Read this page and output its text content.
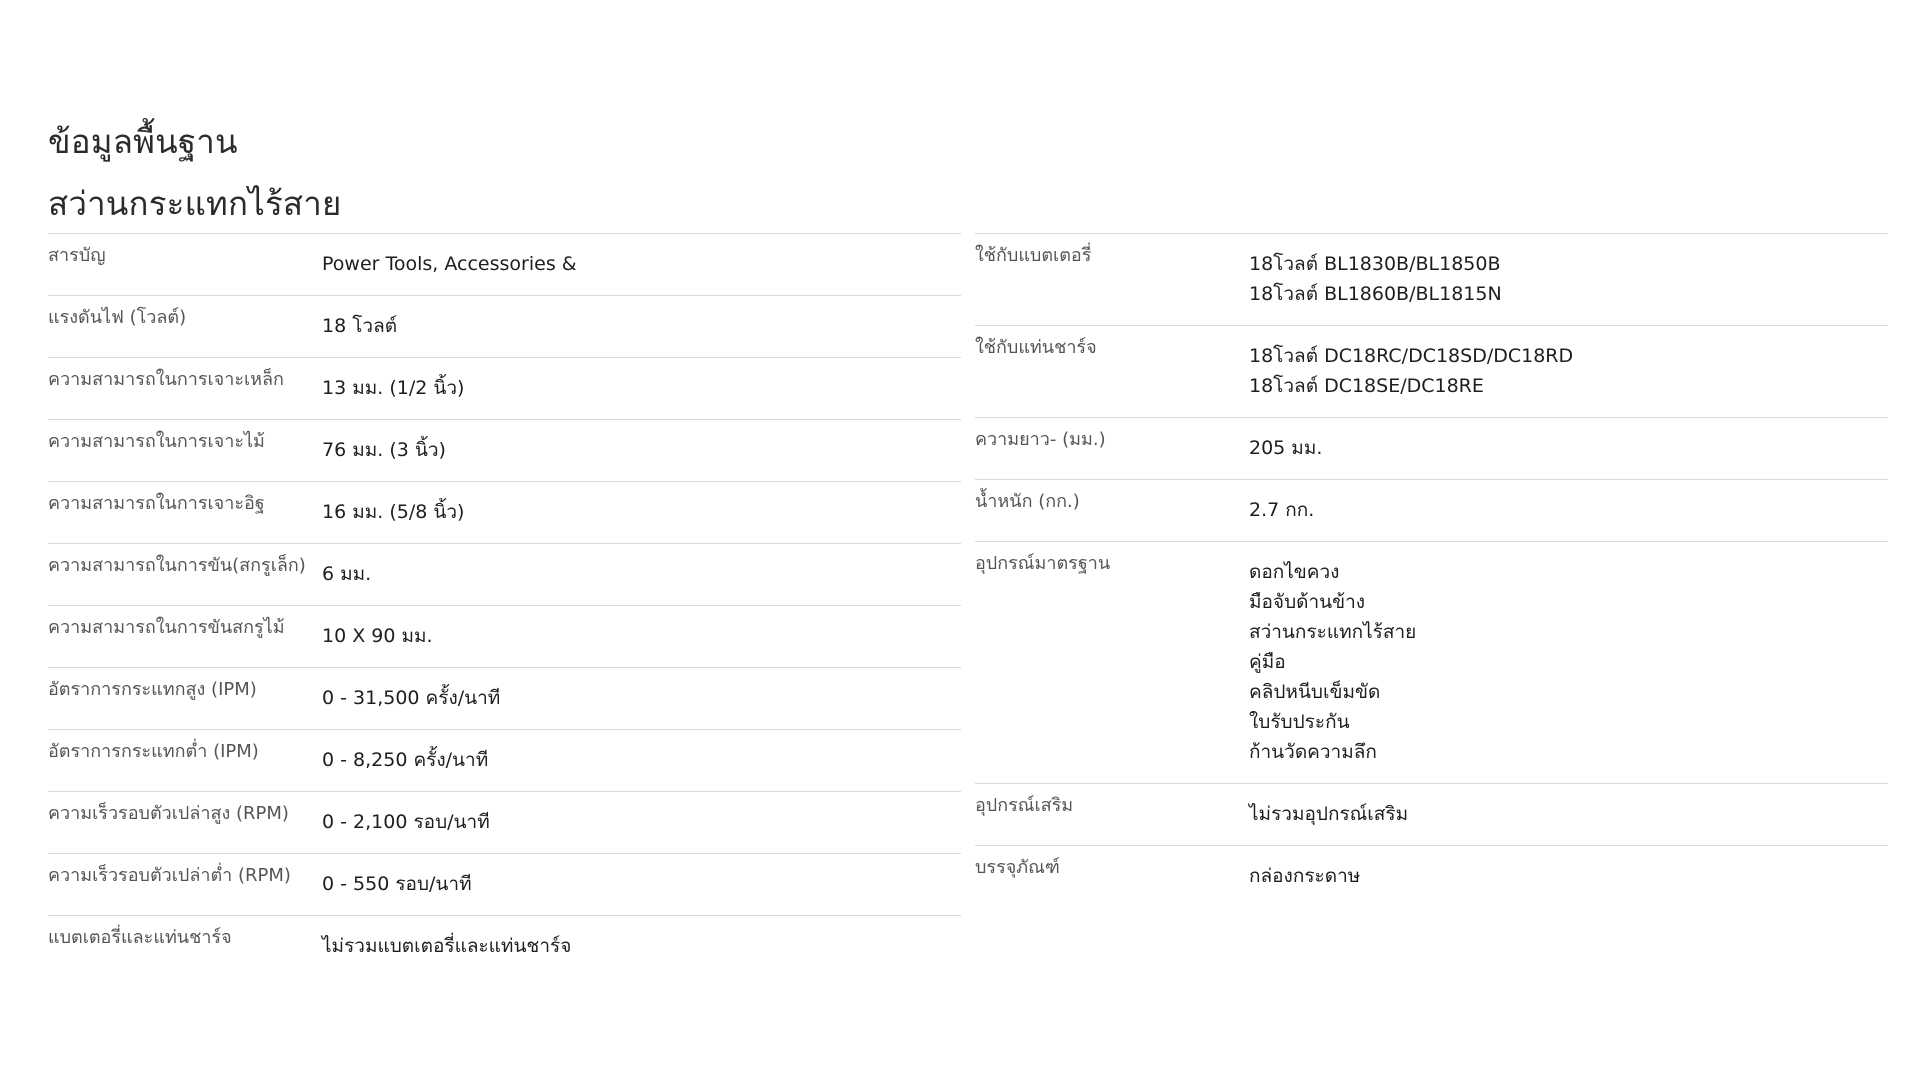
ข้อมูลพื้นฐาน
สว่านกระแทกไร้สาย
สารบัญ	Power Tools, Accessories &
แรงดันไฟ (โวลต์)	18 โวลต์
ความสามารถในการเจาะเหล็ก	13 มม. (1/2 นิ้ว)
ความสามารถในการเจาะไม้	76 มม. (3 นิ้ว)
ความสามารถในการเจาะอิฐ	16 มม. (5/8 นิ้ว)
ความสามารถในการขัน(สกรูเล็ก) 6 มม.
ความสามารถในการขันสกรูไม้	10 X 90 มม.
อัตราการกระแทกสูง (IPM)	0 - 31,500 ครั้ง/นาที
อัตราการกระแทกต่ำ (IPM)	0 - 8,250 ครั้ง/นาที
ความเร็วรอบตัวเปล่าสูง (RPM)	0 - 2,100 รอบ/นาที
ความเร็วรอบตัวเปล่าต่ำ (RPM)	0 - 550 รอบ/นาที
แบตเตอรี่และแท่นชาร์จ	ไม่รวมแบตเตอรี่และแท่นชาร์จ
ใช้กับแบตเตอรี่	18โวลต์ BL1830B/BL1850B
18โวลต์ BL1860B/BL1815N
ใช้กับแท่นชาร์จ	18โวลต์ DC18RC/DC18SD/DC18RD
18โวลต์ DC18SE/DC18RE
ความยาว- (มม.)	205 มม.
น้ำหนัก (กก.)	2.7 กก.
อุปกรณ์มาตรฐาน	ดอกไขควง
มือจับด้านข้าง
สว่านกระแทกไร้สาย
คู่มือ
คลิปหนีบเข็มขัด
ใบรับประกัน
ก้านวัดความลึก
อุปกรณ์เสริม	ไม่รวมอุปกรณ์เสริม
บรรจุภัณฑ์	กล่องกระดาษ
